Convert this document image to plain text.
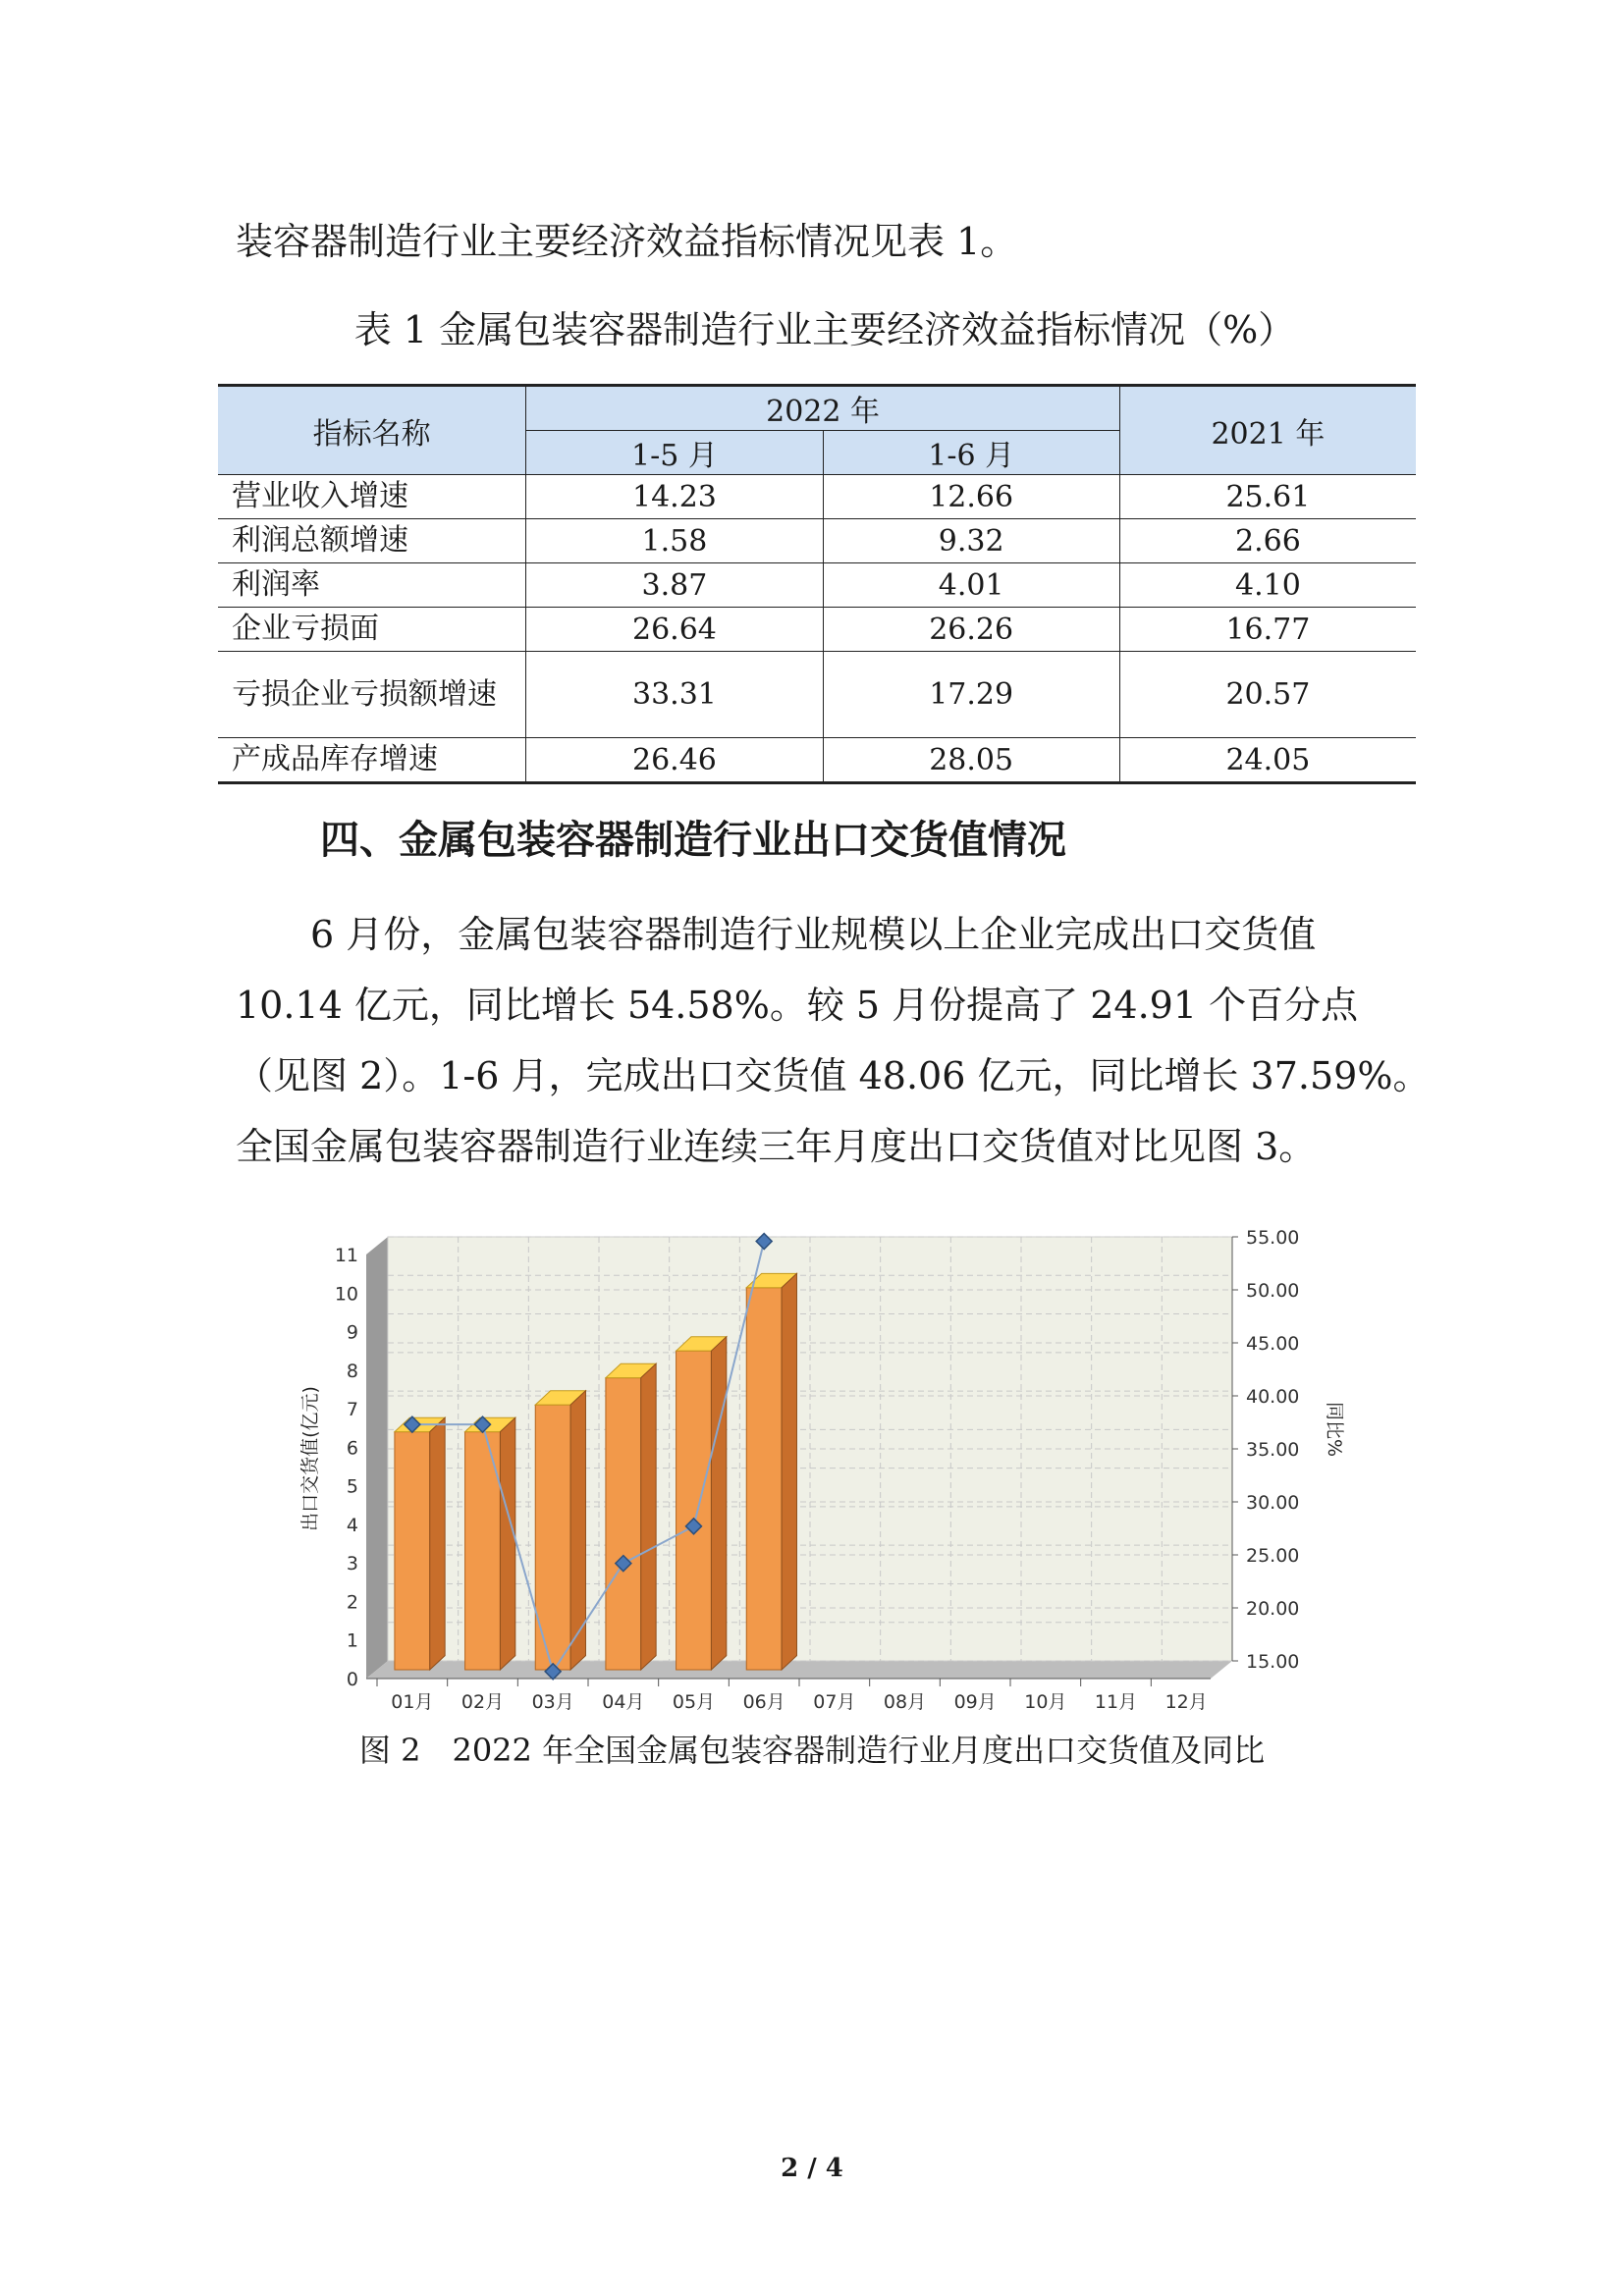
装容器制造行业主要经济效益指标情况见表 1。

表 1 金属包装容器制造行业主要经济效益指标情况（%）

指标名称	2022 年		2021 年
	1-5 月	1-6 月	
营业收入增速	14.23	12.66	25.61
利润总额增速	1.58	9.32	2.66
利润率	3.87	4.01	4.10
企业亏损面	26.64	26.26	16.77
亏损企业亏损额增速	33.31	17.29	20.57
产成品库存增速	26.46	28.05	24.05

四、金属包装容器制造行业出口交货值情况

6 月份，金属包装容器制造行业规模以上企业完成出口交货值
10.14 亿元，同比增长 54.58%。较 5 月份提高了 24.91 个百分点
（见图 2）。1-6 月，完成出口交货值 48.06 亿元，同比增长 37.59%。
全国金属包装容器制造行业连续三年月度出口交货值对比见图 3。

0
1
2
3
4
5
6
7
8
9
10
11
15.00
20.00
25.00
30.00
35.00
40.00
45.00
50.00
55.00
出口交货值(亿元)	同比%
01月 02月 03月 04月 05月 06月 07月 08月 09月 10月 11月 12月

图 2　2022 年全国金属包装容器制造行业月度出口交货值及同比

2 / 4
